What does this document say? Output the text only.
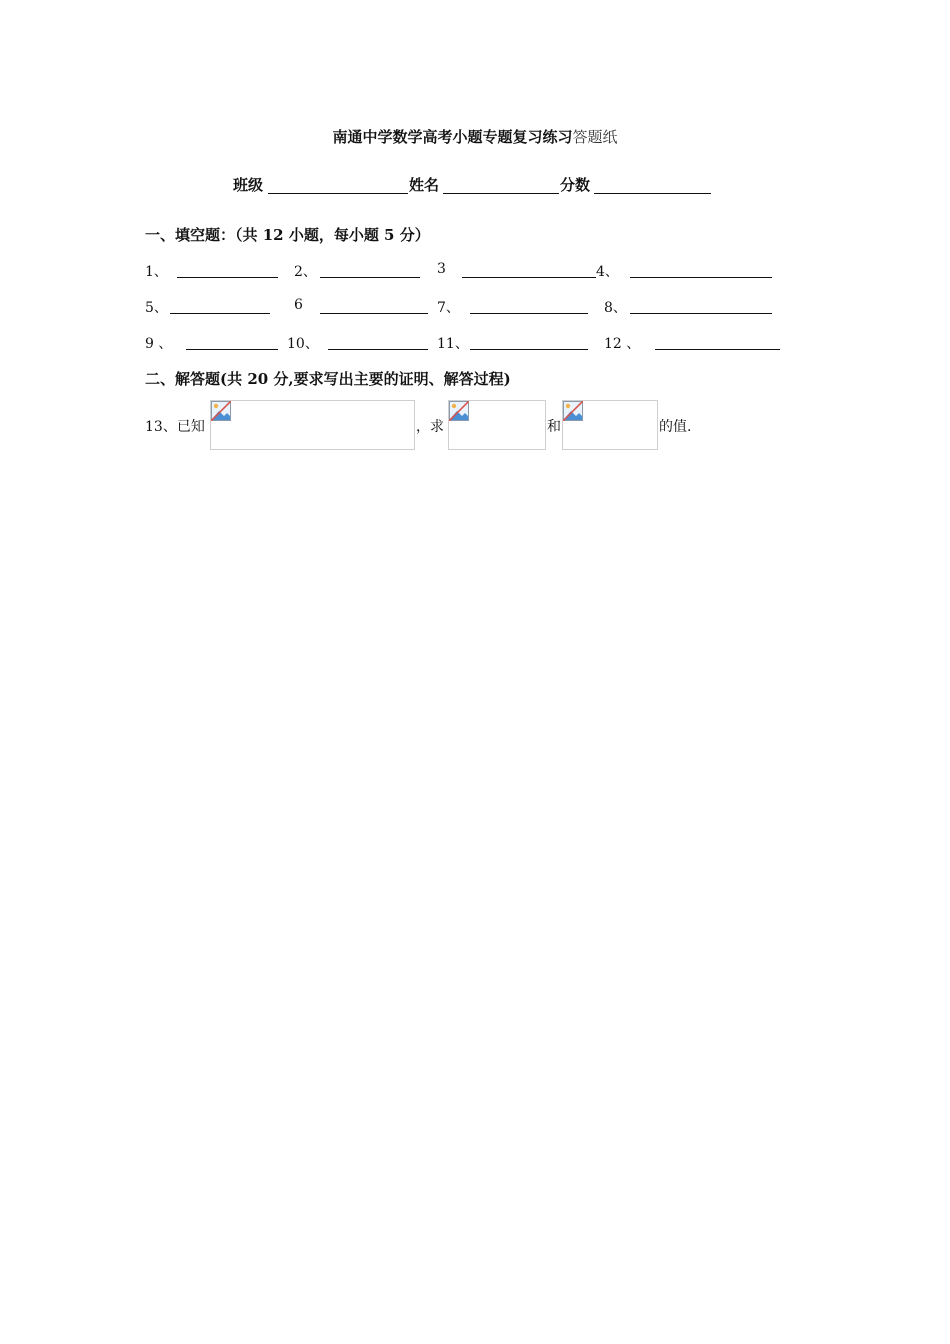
南通中学数学高考小题专题复习练习答题纸
班级	姓名	分数
一、填空题：（共 12 小题，每小题 5 分）
1、	2、	3	4、
5、	6	7、	8、
9 、	10、	11、	12 、
二、解答题(共 20 分,要求写出主要的证明、解答过程)
13、已知	，求	和	的值.
